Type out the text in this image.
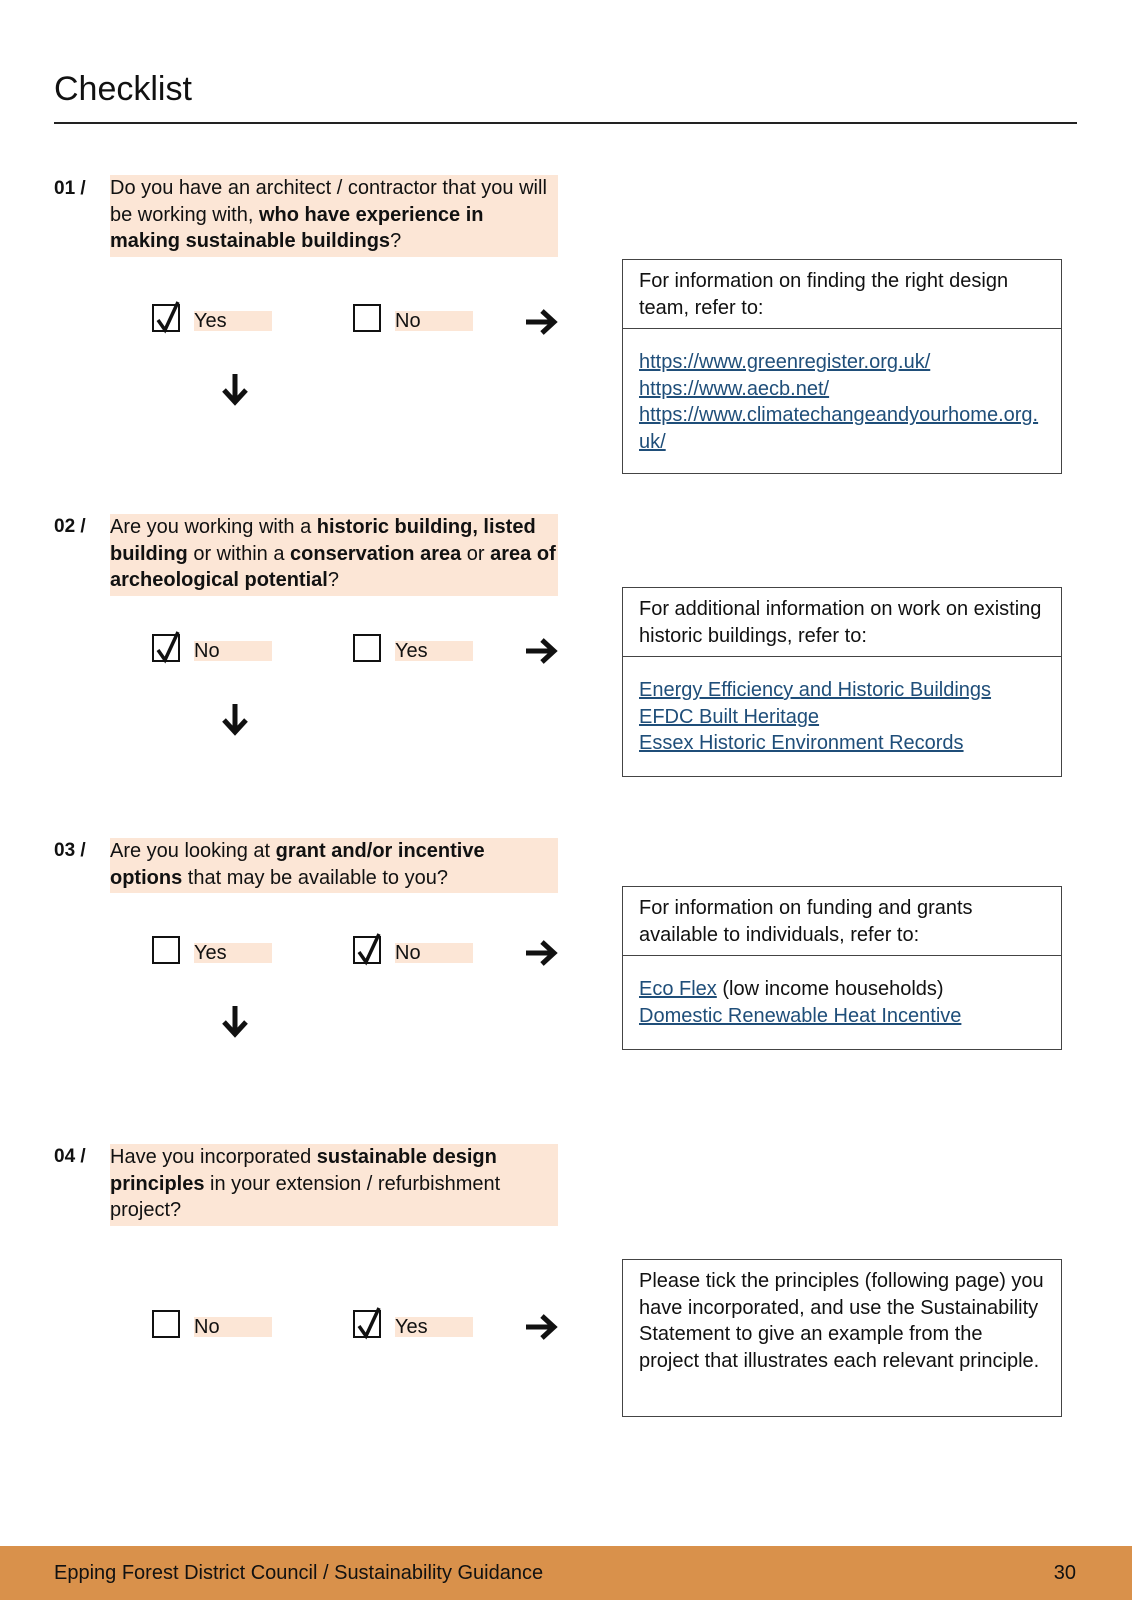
Checklist
01 / Do you have an architect / contractor that you will be working with, who have experience in making sustainable buildings?
Yes	No
For information on finding the right design team, refer to:
https://www.greenregister.org.uk/
https://www.aecb.net/
https://www.climatechangeandyourhome.org.uk/
02 / Are you working with a historic building, listed building or within a conservation area or area of archeological potential?
No	Yes
For additional information on work on existing historic buildings, refer to:
Energy Efficiency and Historic Buildings
EFDC Built Heritage
Essex Historic Environment Records
03 / Are you looking at grant and/or incentive options that may be available to you?
Yes	No
For information on funding and grants available to individuals, refer to:
Eco Flex (low income households)
Domestic Renewable Heat Incentive
04 / Have you incorporated sustainable design principles in your extension / refurbishment project?
No	Yes
Please tick the principles (following page) you have incorporated, and use the Sustainability Statement to give an example from the project that illustrates each relevant principle.
Epping Forest District Council / Sustainability Guidance	30
